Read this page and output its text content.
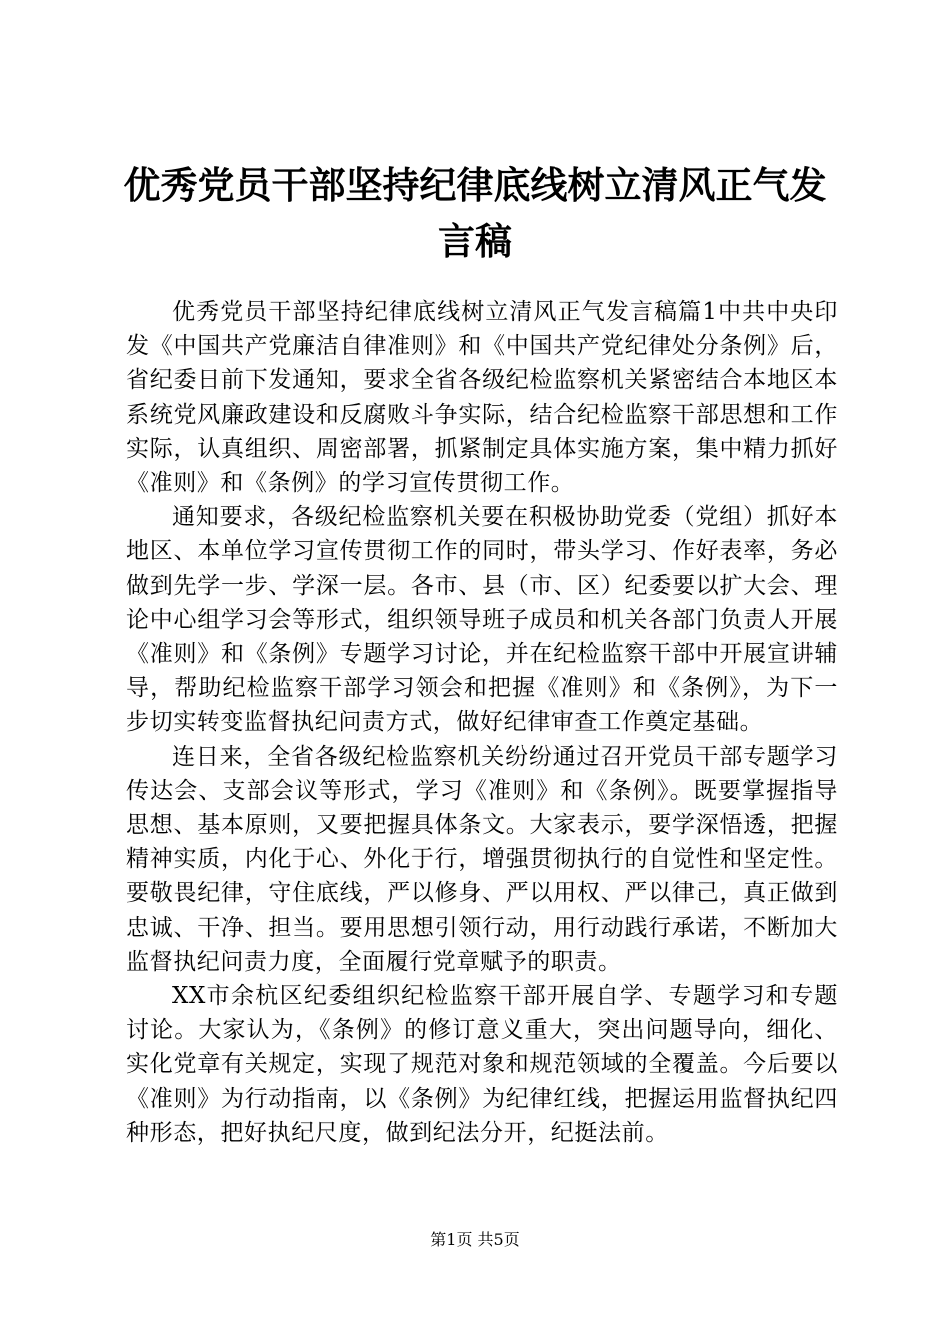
优秀党员干部坚持纪律底线树立清风正气发言稿

优秀党员干部坚持纪律底线树立清风正气发言稿篇1中共中央印发《中国共产党廉洁自律准则》和《中国共产党纪律处分条例》后，省纪委日前下发通知，要求全省各级纪检监察机关紧密结合本地区本系统党风廉政建设和反腐败斗争实际，结合纪检监察干部思想和工作实际，认真组织、周密部署，抓紧制定具体实施方案，集中精力抓好《准则》和《条例》的学习宣传贯彻工作。

通知要求，各级纪检监察机关要在积极协助党委（党组）抓好本地区、本单位学习宣传贯彻工作的同时，带头学习、作好表率，务必做到先学一步、学深一层。各市、县（市、区）纪委要以扩大会、理论中心组学习会等形式，组织领导班子成员和机关各部门负责人开展《准则》和《条例》专题学习讨论，并在纪检监察干部中开展宣讲辅导，帮助纪检监察干部学习领会和把握《准则》和《条例》，为下一步切实转变监督执纪问责方式，做好纪律审查工作奠定基础。

连日来，全省各级纪检监察机关纷纷通过召开党员干部专题学习传达会、支部会议等形式，学习《准则》和《条例》。既要掌握指导思想、基本原则，又要把握具体条文。大家表示，要学深悟透，把握精神实质，内化于心、外化于行，增强贯彻执行的自觉性和坚定性。要敬畏纪律，守住底线，严以修身、严以用权、严以律己，真正做到忠诚、干净、担当。要用思想引领行动，用行动践行承诺，不断加大监督执纪问责力度，全面履行党章赋予的职责。

XX市余杭区纪委组织纪检监察干部开展自学、专题学习和专题讨论。大家认为，《条例》的修订意义重大，突出问题导向，细化、实化党章有关规定，实现了规范对象和规范领域的全覆盖。今后要以《准则》为行动指南，以《条例》为纪律红线，把握运用监督执纪四种形态，把好执纪尺度，做到纪法分开，纪挺法前。

第1页 共5页
